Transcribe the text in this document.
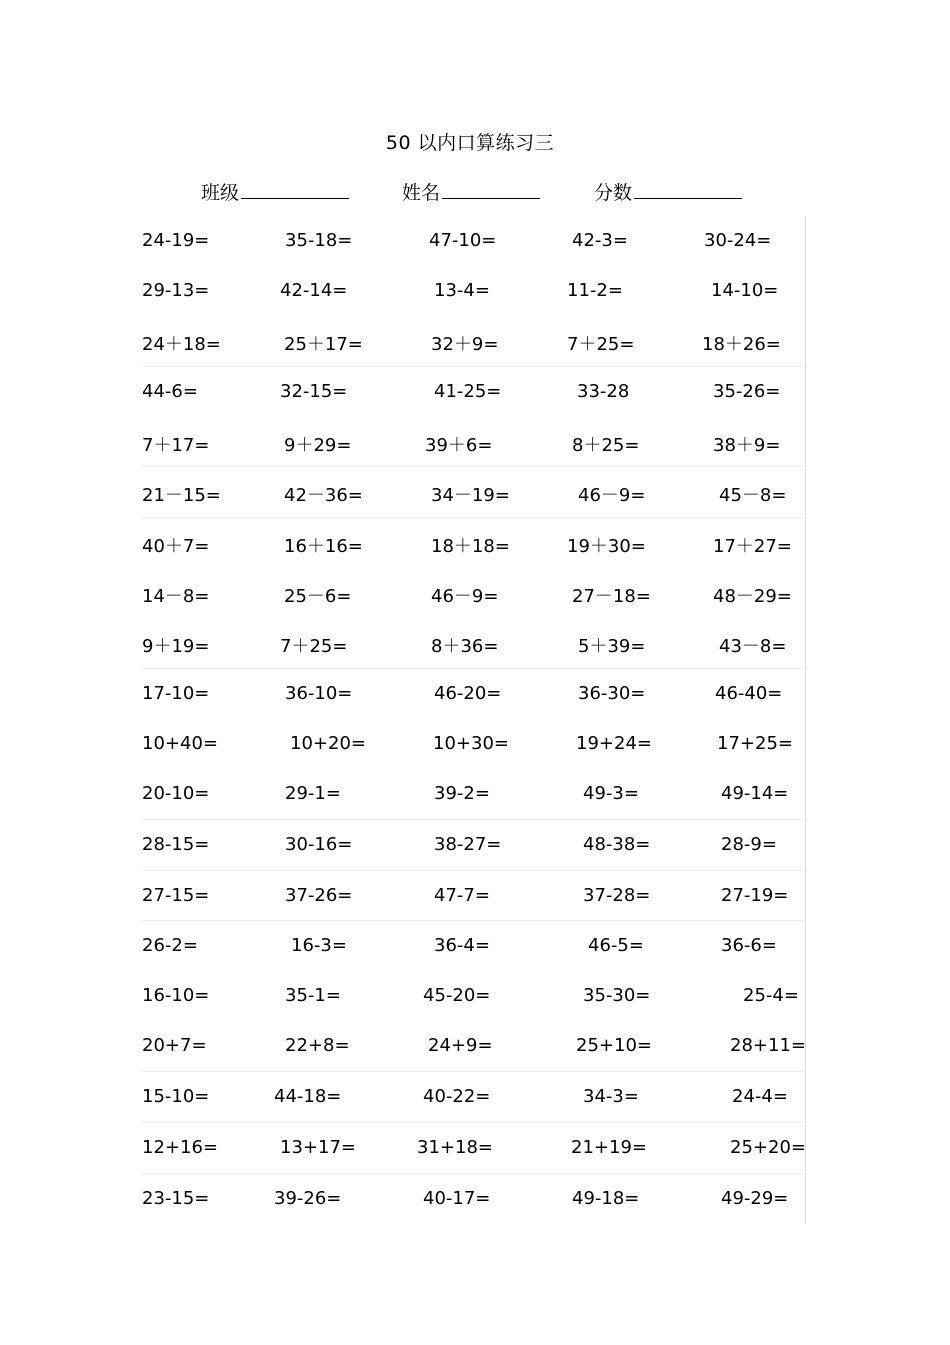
50 以内口算练习三
班级	姓名	分数
24-19=	35-18=	47-10=	42-3=	30-24=
29-13=	42-14=	13-4=	11-2=	14-10=
24＋18=	25＋17=	32＋9=	7＋25=	18＋26=
44-6=	32-15=	41-25=	33-28	35-26=
7＋17=	9＋29=	39＋6=	8＋25=	38＋9=
21－15=	42－36=	34－19=	46－9=	45－8=
40＋7=	16＋16=	18＋18=	19＋30=	17＋27=
14－8=	25－6=	46－9=	27－18=	48－29=
9＋19=	7＋25=	8＋36=	5＋39=	43－8=
17-10=	36-10=	46-20=	36-30=	46-40=
10+40=	10+20=	10+30=	19+24=	17+25=
20-10=	29-1=	39-2=	49-3=	49-14=
28-15=	30-16=	38-27=	48-38=	28-9=
27-15=	37-26=	47-7=	37-28=	27-19=
26-2=	16-3=	36-4=	46-5=	36-6=
16-10=	35-1=	45-20=	35-30=	25-4=
20+7=	22+8=	24+9=	25+10=	28+11=
15-10=	44-18=	40-22=	34-3=	24-4=
12+16=	13+17=	31+18=	21+19=	25+20=
23-15=	39-26=	40-17=	49-18=	49-29=
